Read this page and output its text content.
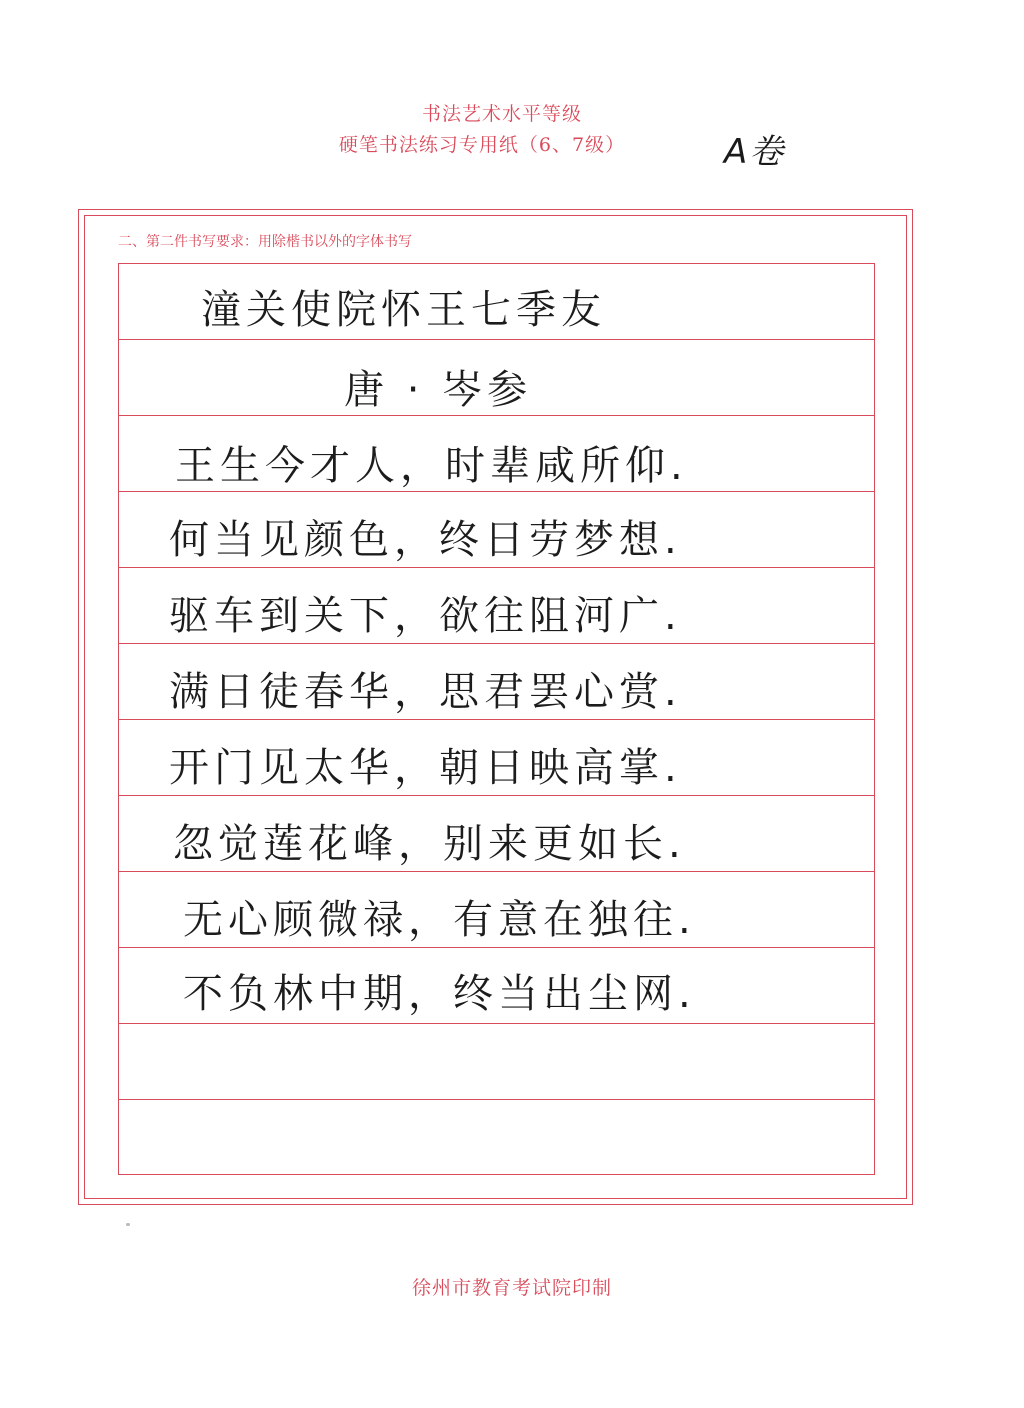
书法艺术水平等级
硬笔书法练习专用纸（6、7级）	A卷
二、第二件书写要求：用除楷书以外的字体书写
潼关使院怀王七季友
唐 · 岑参
王生今才人，时辈咸所仰.
何当见颜色，终日劳梦想.
驱车到关下，欲往阻河广.
满日徒春华，思君罢心赏.
开门见太华，朝日映高掌.
忽觉莲花峰，别来更如长.
无心顾微禄，有意在独往.
不负林中期，终当出尘网.
徐州市教育考试院印制
